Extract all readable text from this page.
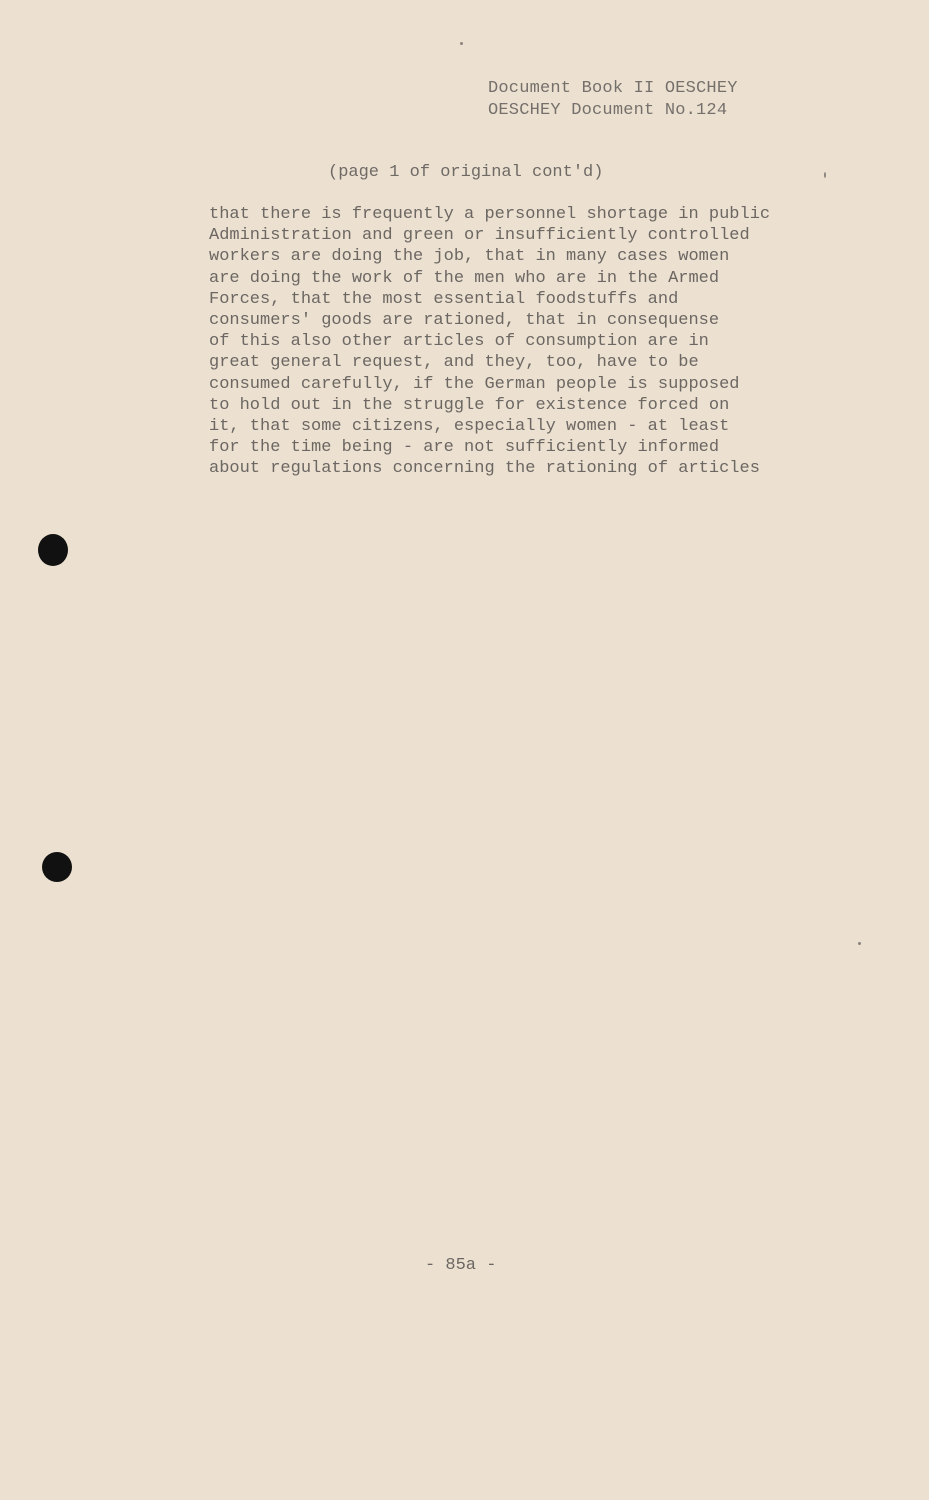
Document Book II OESCHEY
OESCHEY Document No.124
(page 1 of original cont'd)
that there is frequently a personnel shortage in public
Administration and green or insufficiently controlled
workers are doing the job, that in many cases women
are doing the work of the men who are in the Armed
Forces, that the most essential foodstuffs and
consumers' goods are rationed, that in consequense
of this also other articles of consumption are in
great general request, and they, too, have to be
consumed carefully, if the German people is supposed
to hold out in the struggle for existence forced on
it, that some citizens, especially women - at least
for the time being - are not sufficiently informed
about regulations concerning the rationing of articles
- 85a -
